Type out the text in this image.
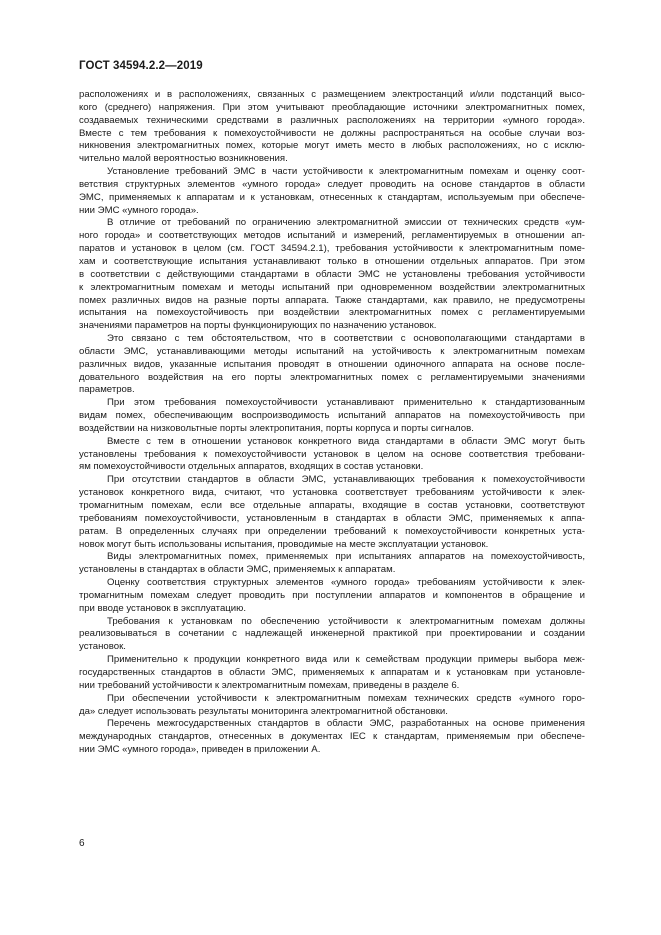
ГОСТ 34594.2.2—2019
расположениях и в расположениях, связанных с размещением электростанций и/или подстанций высо-
кого (среднего) напряжения. При этом учитывают преобладающие источники электромагнитных помех,
создаваемых техническими средствами в различных расположениях на территории «умного города».
Вместе с тем требования к помехоустойчивости не должны распространяться на особые случаи воз-
никновения электромагнитных помех, которые могут иметь место в любых расположениях, но с исклю-
чительно малой вероятностью возникновения.
Установление требований ЭМС в части устойчивости к электромагнитным помехам и оценку соот-
ветствия структурных элементов «умного города» следует проводить на основе стандартов в области
ЭМС, применяемых к аппаратам и к установкам, отнесенных к стандартам, используемым при обеспече-
нии ЭМС «умного города».
В отличие от требований по ограничению электромагнитной эмиссии от технических средств «ум-
ного города» и соответствующих методов испытаний и измерений, регламентируемых в отношении ап-
паратов и установок в целом (см. ГОСТ 34594.2.1), требования устойчивости к электромагнитным поме-
хам и соответствующие испытания устанавливают только в отношении отдельных аппаратов. При этом
в соответствии с действующими стандартами в области ЭМС не установлены требования устойчивости
к электромагнитным помехам и методы испытаний при одновременном воздействии электромагнитных
помех различных видов на разные порты аппарата. Также стандартами, как правило, не предусмотрены
испытания на помехоустойчивость при воздействии электромагнитных помех с регламентируемыми
значениями параметров на порты функционирующих по назначению установок.
Это связано с тем обстоятельством, что в соответствии с основополагающими стандартами в
области ЭМС, устанавливающими методы испытаний на устойчивость к электромагнитным помехам
различных видов, указанные испытания проводят в отношении одиночного аппарата на основе после-
довательного воздействия на его порты электромагнитных помех с регламентируемыми значениями
параметров.
При этом требования помехоустойчивости устанавливают применительно к стандартизованным
видам помех, обеспечивающим воспроизводимость испытаний аппаратов на помехоустойчивость при
воздействии на низковольтные порты электропитания, порты корпуса и порты сигналов.
Вместе с тем в отношении установок конкретного вида стандартами в области ЭМС могут быть
установлены требования к помехоустойчивости установок в целом на основе соответствия требовани-
ям помехоустойчивости отдельных аппаратов, входящих в состав установки.
При отсутствии стандартов в области ЭМС, устанавливающих требования к помехоустойчивости
установок конкретного вида, считают, что установка соответствует требованиям устойчивости к элек-
тромагнитным помехам, если все отдельные аппараты, входящие в состав установки, соответствуют
требованиям помехоустойчивости, установленным в стандартах в области ЭМС, применяемых к аппа-
ратам. В определенных случаях при определении требований к помехоустойчивости конкретных уста-
новок могут быть использованы испытания, проводимые на месте эксплуатации установок.
Виды электромагнитных помех, применяемых при испытаниях аппаратов на помехоустойчивость,
установлены в стандартах в области ЭМС, применяемых к аппаратам.
Оценку соответствия структурных элементов «умного города» требованиям устойчивости к элек-
тромагнитным помехам следует проводить при поступлении аппаратов и компонентов в обращение и
при вводе установок в эксплуатацию.
Требования к установкам по обеспечению устойчивости к электромагнитным помехам должны
реализовываться в сочетании с надлежащей инженерной практикой при проектировании и создании
установок.
Применительно к продукции конкретного вида или к семействам продукции примеры выбора меж-
государственных стандартов в области ЭМС, применяемых к аппаратам и к установкам при установле-
нии требований устойчивости к электромагнитным помехам, приведены в разделе 6.
При обеспечении устойчивости к электромагнитным помехам технических средств «умного горо-
да» следует использовать результаты мониторинга электромагнитной обстановки.
Перечень межгосударственных стандартов в области ЭМС, разработанных на основе применения
международных стандартов, отнесенных в документах IEC к стандартам, применяемым при обеспече-
нии ЭМС «умного города», приведен в приложении А.
6
